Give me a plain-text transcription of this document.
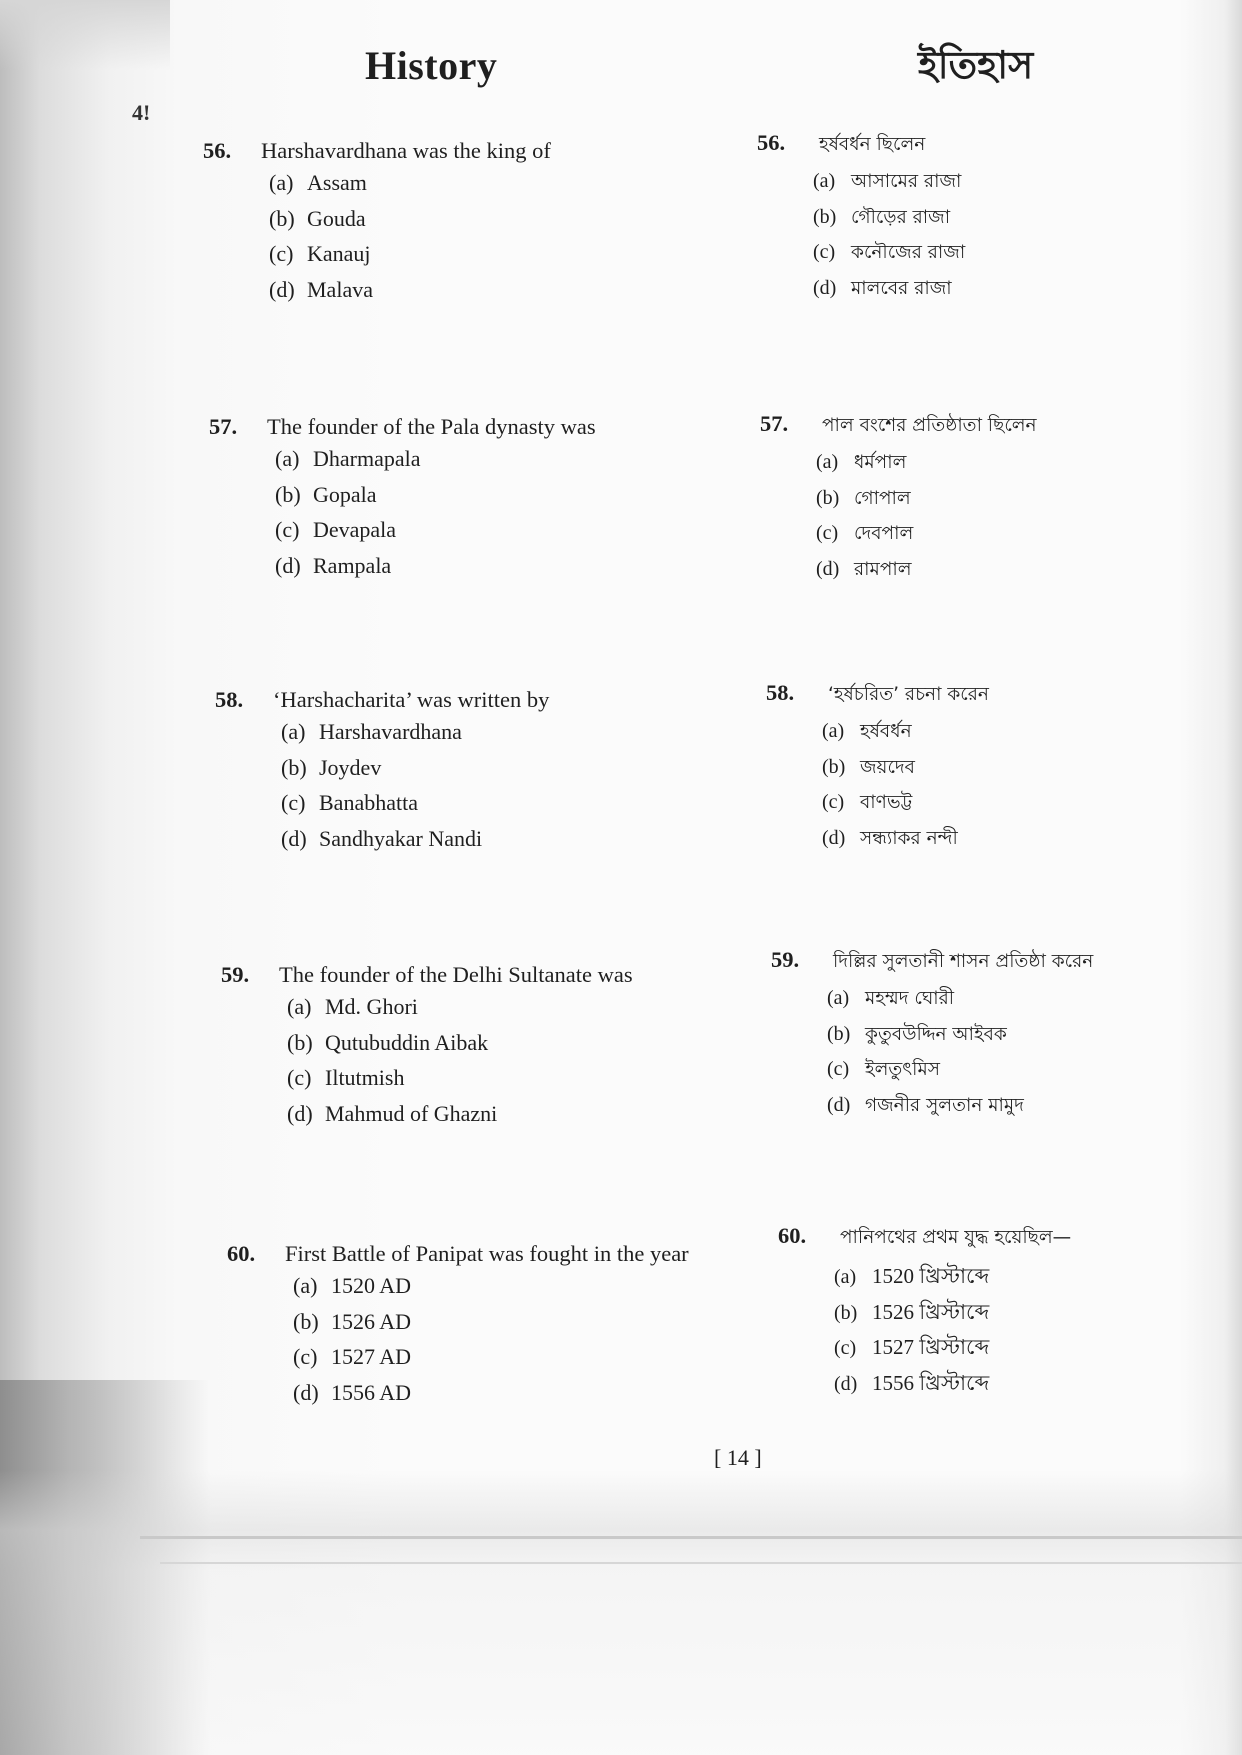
History	ইতিহাস
4!
56.	Harshavardhana was the king of
(a) Assam
(b) Gouda
(c) Kanauj
(d) Malava
57.	The founder of the Pala dynasty was
(a) Dharmapala
(b) Gopala
(c) Devapala
(d) Rampala
58.	‘Harshacharita’ was written by
(a) Harshavardhana
(b) Joydev
(c) Banabhatta
(d) Sandhyakar Nandi
59.	The founder of the Delhi Sultanate was
(a) Md. Ghori
(b) Qutubuddin Aibak
(c) Iltutmish
(d) Mahmud of Ghazni
60.	First Battle of Panipat was fought in the year
(a) 1520 AD
(b) 1526 AD
(c) 1527 AD
(d) 1556 AD
56.	হর্ষবর্ধন ছিলেন
(a) আসামের রাজা
(b) গৌড়ের রাজা
(c) কনৌজের রাজা
(d) মালবের রাজা
57.	পাল বংশের প্রতিষ্ঠাতা ছিলেন
(a) ধর্মপাল
(b) গোপাল
(c) দেবপাল
(d) রামপাল
58.	‘হর্ষচরিত’ রচনা করেন
(a) হর্ষবর্ধন
(b) জয়দেব
(c) বাণভট্ট
(d) সন্ধ্যাকর নন্দী
59.	দিল্লির সুলতানী শাসন প্রতিষ্ঠা করেন
(a) মহম্মদ ঘোরী
(b) কুতুবউদ্দিন আইবক
(c) ইলতুৎমিস
(d) গজনীর সুলতান মামুদ
60.	পানিপথের প্রথম যুদ্ধ হয়েছিল—
(a) 1520 খ্রিস্টাব্দে
(b) 1526 খ্রিস্টাব্দে
(c) 1527 খ্রিস্টাব্দে
(d) 1556 খ্রিস্টাব্দে
[ 14 ]
